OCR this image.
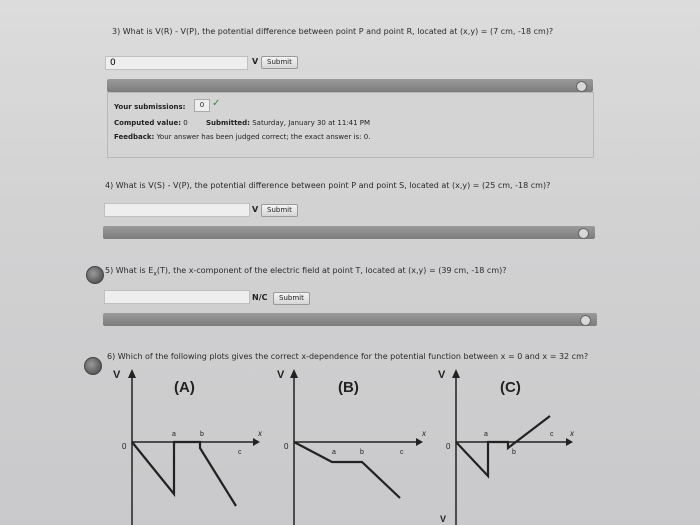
3) What is V(R) - V(P), the potential difference between point P and point R, located at (x,y) = (7 cm, -18 cm)?
0	V	Submit
Your submissions:	0 ✓
Computed value: 0	Submitted: Saturday, January 30 at 11:41 PM
Feedback: Your answer has been judged correct; the exact answer is: 0.
4) What is V(S) - V(P), the potential difference between point P and point S, located at (x,y) = (25 cm, -18 cm)?
V	Submit
5) What is $E_x(T)$, the x-component of the electric field at point T, located at (x,y) = (39 cm, -18 cm)?
N/C	Submit
6) Which of the following plots gives the correct x-dependence for the potential function between x = 0 and x = 32 cm?
V
(A)
0
x
a	b
c
V
(B)
0
x
a	b	c
V
(C)
0
x
a
b
c
V
